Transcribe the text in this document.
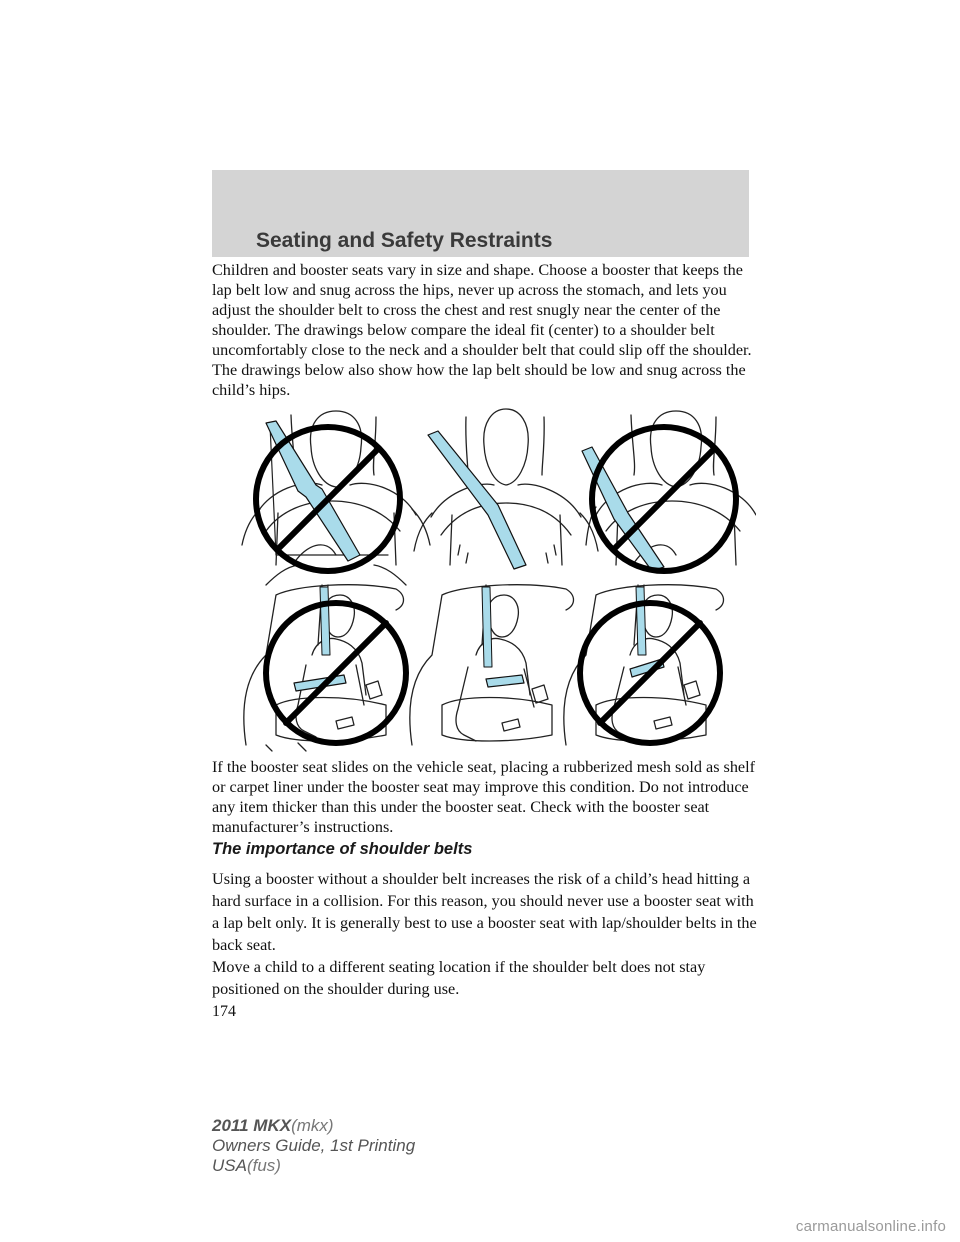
Seating and Safety Restraints

Children and booster seats vary in size and shape. Choose a booster that keeps the lap belt low and snug across the hips, never up across the stomach, and lets you adjust the shoulder belt to cross the chest and rest snugly near the center of the shoulder. The drawings below compare the ideal fit (center) to a shoulder belt uncomfortably close to the neck and a shoulder belt that could slip off the shoulder. The drawings below also show how the lap belt should be low and snug across the child’s hips.

If the booster seat slides on the vehicle seat, placing a rubberized mesh sold as shelf or carpet liner under the booster seat may improve this condition. Do not introduce any item thicker than this under the booster seat. Check with the booster seat manufacturer’s instructions.

The importance of shoulder belts

Using a booster without a shoulder belt increases the risk of a child’s head hitting a hard surface in a collision. For this reason, you should never use a booster seat with a lap belt only. It is generally best to use a booster seat with lap/shoulder belts in the back seat.

Move a child to a different seating location if the shoulder belt does not stay positioned on the shoulder during use.

174
2011 MKX(mkx)
Owners Guide, 1st Printing
USA(fus)
carmanualsonline.info
